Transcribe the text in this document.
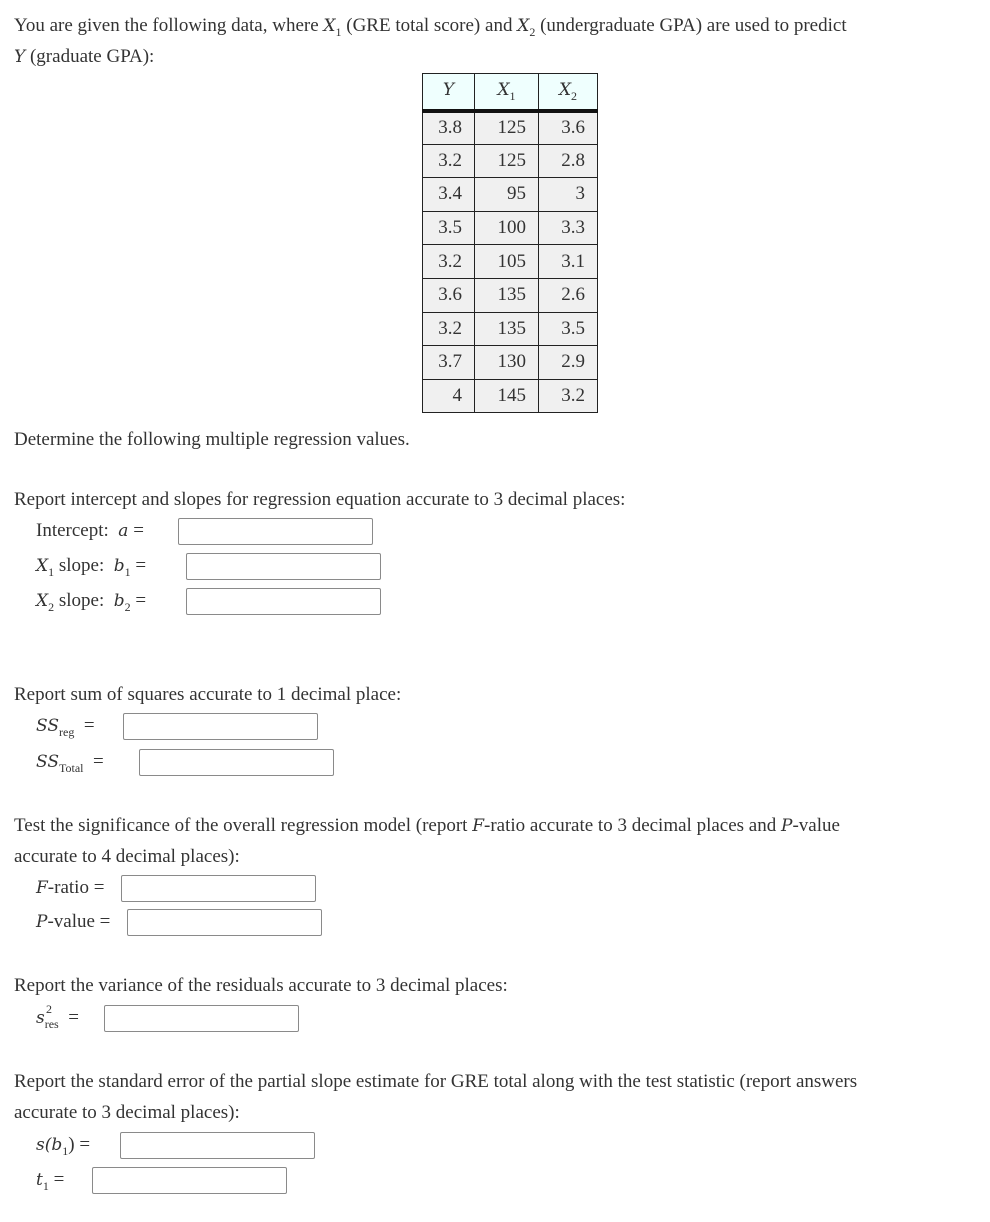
You are given the following data, where $X_1$ (GRE total score) and $X_2$ (undergraduate GPA) are used to predict
Y (graduate GPA):
Y	$X_1$	$X_2$
3.8	125	3.6
3.2	125	2.8
3.4	95	3
3.5	100	3.3
3.2	105	3.1
3.6	135	2.6
3.2	135	3.5
3.7	130	2.9
4	145	3.2
Determine the following multiple regression values.
Report intercept and slopes for regression equation accurate to 3 decimal places:
Intercept: a =
$X_1$ slope: $b_1$ =
$X_2$ slope: $b_2$ =
Report sum of squares accurate to 1 decimal place:
$SS_{reg}$ =
$SS_{Total}$ =
Test the significance of the overall regression model (report F-ratio accurate to 3 decimal places and P-value
accurate to 4 decimal places):
F-ratio =
P-value =
Report the variance of the residuals accurate to 3 decimal places:
s 2
$_{res}$ =
Report the standard error of the partial slope estimate for GRE total along with the test statistic (report answers
accurate to 3 decimal places):
$s(b_1)$ =
$t_1$ =
